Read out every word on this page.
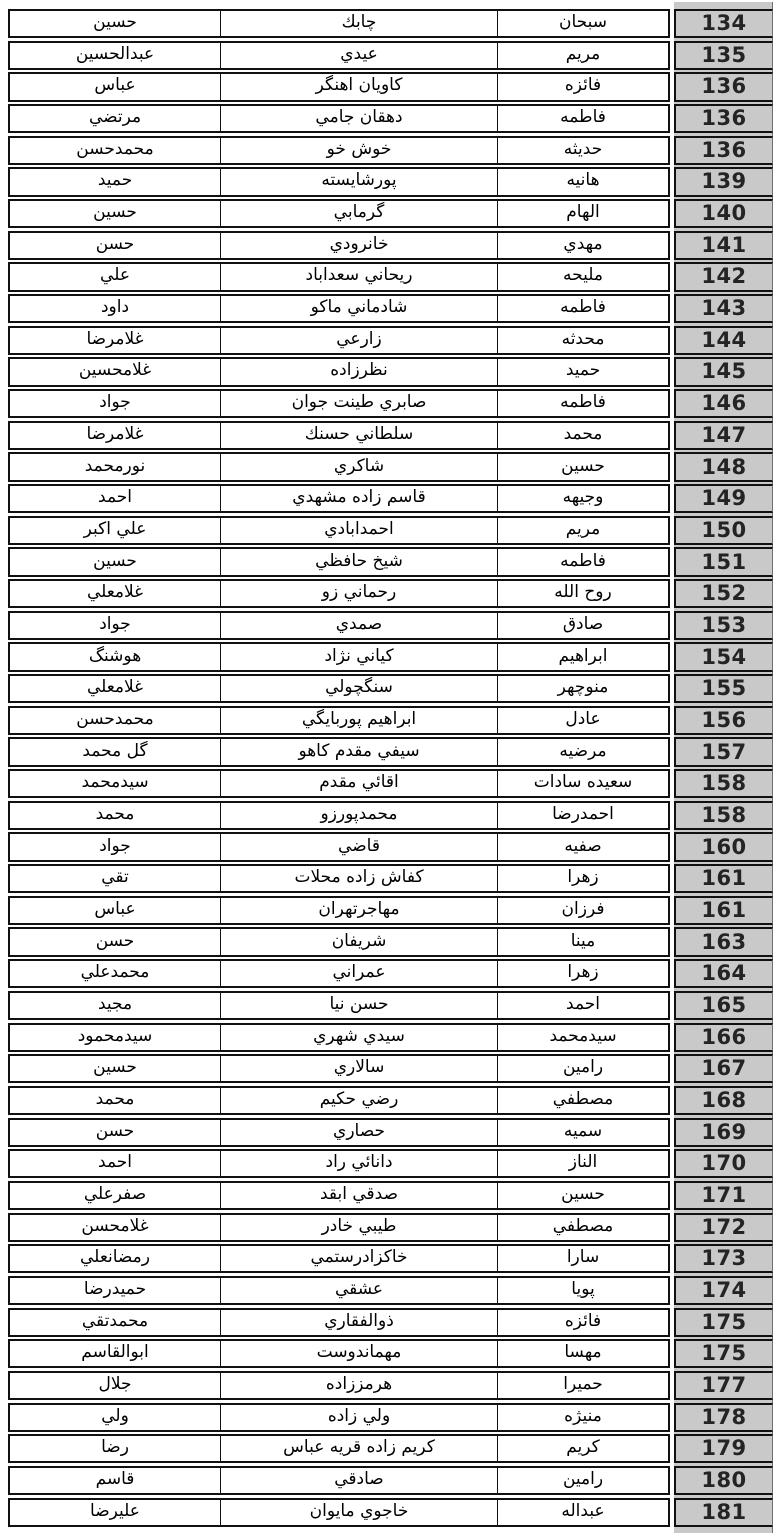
حسين	چابك	سبحان	134
عبدالحسين	عيدي	مريم	135
عباس	كاويان اهنگر	فائزه	136
مرتضي	دهقان جامي	فاطمه	136
محمدحسن	خوش خو	حديثه	136
حميد	پورشايسته	هانيه	139
حسين	گرمابي	الهام	140
حسن	خانرودي	مهدي	141
علي	ريحاني سعداباد	مليحه	142
داود	شادماني ماكو	فاطمه	143
غلامرضا	زارعي	محدثه	144
غلامحسين	نظرزاده	حميد	145
جواد	صابري طينت جوان	فاطمه	146
غلامرضا	سلطاني حسنك	محمد	147
نورمحمد	شاكري	حسين	148
احمد	قاسم زاده مشهدي	وجيهه	149
علي اكبر	احمدابادي	مريم	150
حسين	شيخ حافظي	فاطمه	151
غلامعلي	رحماني زو	روح الله	152
جواد	صمدي	صادق	153
هوشنگ	كياني نژاد	ابراهيم	154
غلامعلي	سنگچولي	منوچهر	155
محمدحسن	ابراهيم پوربايگي	عادل	156
گل محمد	سيفي مقدم كاهو	مرضيه	157
سيدمحمد	اقائي مقدم	سعيده سادات	158
محمد	محمدپورزو	احمدرضا	158
جواد	قاضي	صفيه	160
تقي	كفاش زاده محلات	زهرا	161
عباس	مهاجرتهران	فرزان	161
حسن	شريفان	مينا	163
محمدعلي	عمراني	زهرا	164
مجيد	حسن نيا	احمد	165
سيدمحمود	سيدي شهري	سيدمحمد	166
حسين	سالاري	رامين	167
محمد	رضي حكيم	مصطفي	168
حسن	حصاري	سميه	169
احمد	دانائي راد	الناز	170
صفرعلي	صدقي ابقد	حسين	171
غلامحسن	طيبي خادر	مصطفي	172
رمضانعلي	خاكزادرستمي	سارا	173
حميدرضا	عشقي	پويا	174
محمدتقي	ذوالفقاري	فائزه	175
ابوالقاسم	مهماندوست	مهسا	175
جلال	هرمززاده	حميرا	177
ولي	ولي زاده	منيژه	178
رضا	كريم زاده قريه عباس	كريم	179
قاسم	صادقي	رامين	180
عليرضا	خاجوي مايوان	عبداله	181
